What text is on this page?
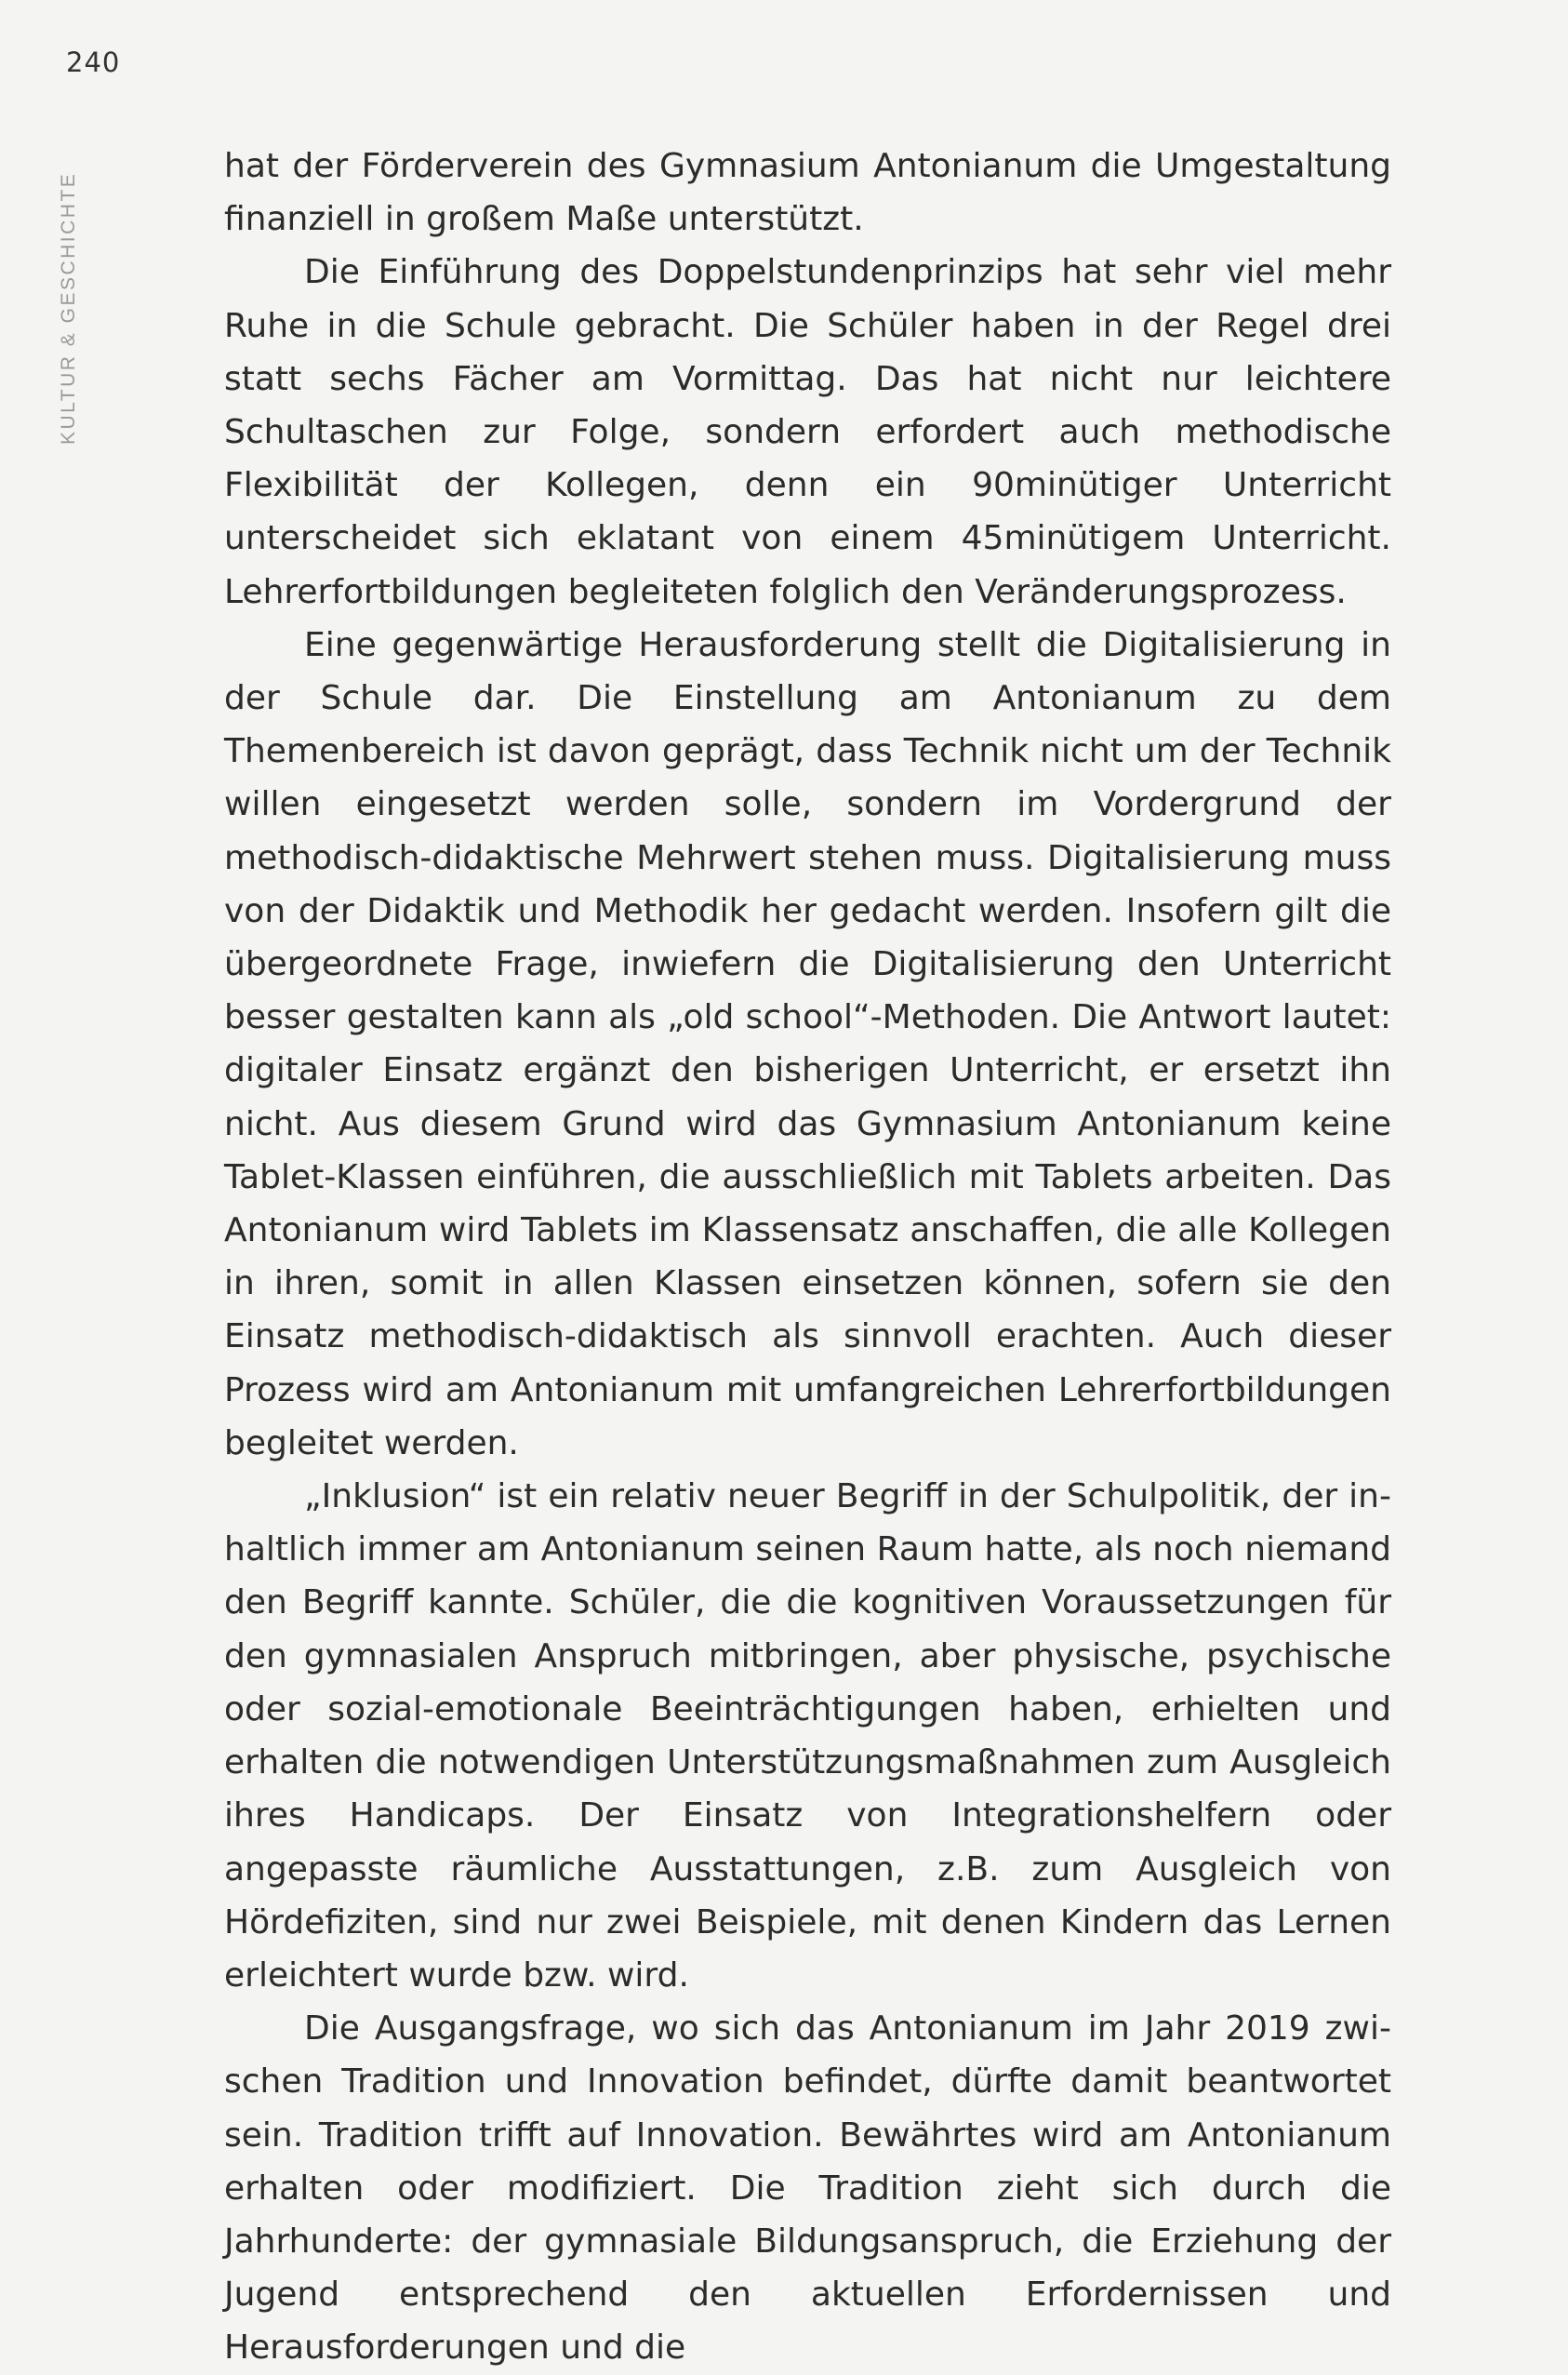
240
KULTUR & GESCHICHTE

hat der Förderverein des Gymnasium Antonianum die Umgestaltung finanziell in großem Maße unterstützt.

Die Einführung des Doppelstundenprinzips hat sehr viel mehr Ruhe in die Schule gebracht. Die Schüler haben in der Regel drei statt sechs Fächer am Vormittag. Das hat nicht nur leichtere Schultaschen zur Folge, sondern erfordert auch methodische Flexibilität der Kollegen, denn ein 90minütiger Unterricht unterscheidet sich eklatant von einem 45minütigem Unterricht. Lehrerfortbildungen begleiteten folglich den Veränderungsprozess.

Eine gegenwärtige Herausforderung stellt die Digitalisierung in der Schule dar. Die Einstellung am Antonianum zu dem Themenbereich ist davon geprägt, dass Technik nicht um der Technik willen eingesetzt werden solle, sondern im Vordergrund der methodisch-didaktische Mehrwert stehen muss. Digitalisierung muss von der Didaktik und Methodik her gedacht werden. Insofern gilt die übergeordnete Frage, inwiefern die Digitalisierung den Unterricht besser gestalten kann als „old school“-Methoden. Die Antwort lautet: digitaler Einsatz ergänzt den bisherigen Unterricht, er ersetzt ihn nicht. Aus diesem Grund wird das Gymnasium Antonianum keine Tablet-Klassen einführen, die ausschließlich mit Tablets arbeiten. Das Antonianum wird Tablets im Klassensatz anschaffen, die alle Kollegen in ihren, somit in allen Klassen einsetzen können, sofern sie den Einsatz methodisch-didaktisch als sinnvoll erachten. Auch dieser Prozess wird am Antonianum mit umfangreichen Lehrerfortbildungen begleitet werden.

„Inklusion“ ist ein relativ neuer Begriff in der Schulpolitik, der inhaltlich immer am Antonianum seinen Raum hatte, als noch niemand den Begriff kannte. Schüler, die die kognitiven Voraussetzungen für den gymnasialen Anspruch mitbringen, aber physische, psychische oder sozial-emotionale Beeinträchtigungen haben, erhielten und erhalten die notwendigen Unterstützungsmaßnahmen zum Ausgleich ihres Handicaps. Der Einsatz von Integrationshelfern oder angepasste räumliche Ausstattungen, z.B. zum Ausgleich von Hördefiziten, sind nur zwei Beispiele, mit denen Kindern das Lernen erleichtert wurde bzw. wird.

Die Ausgangsfrage, wo sich das Antonianum im Jahr 2019 zwischen Tradition und Innovation befindet, dürfte damit beantwortet sein. Tradition trifft auf Innovation. Bewährtes wird am Antonianum erhalten oder modifiziert. Die Tradition zieht sich durch die Jahrhunderte: der gymnasiale Bildungsanspruch, die Erziehung der Jugend entsprechend den aktuellen Erfordernissen und Herausforderungen und die
